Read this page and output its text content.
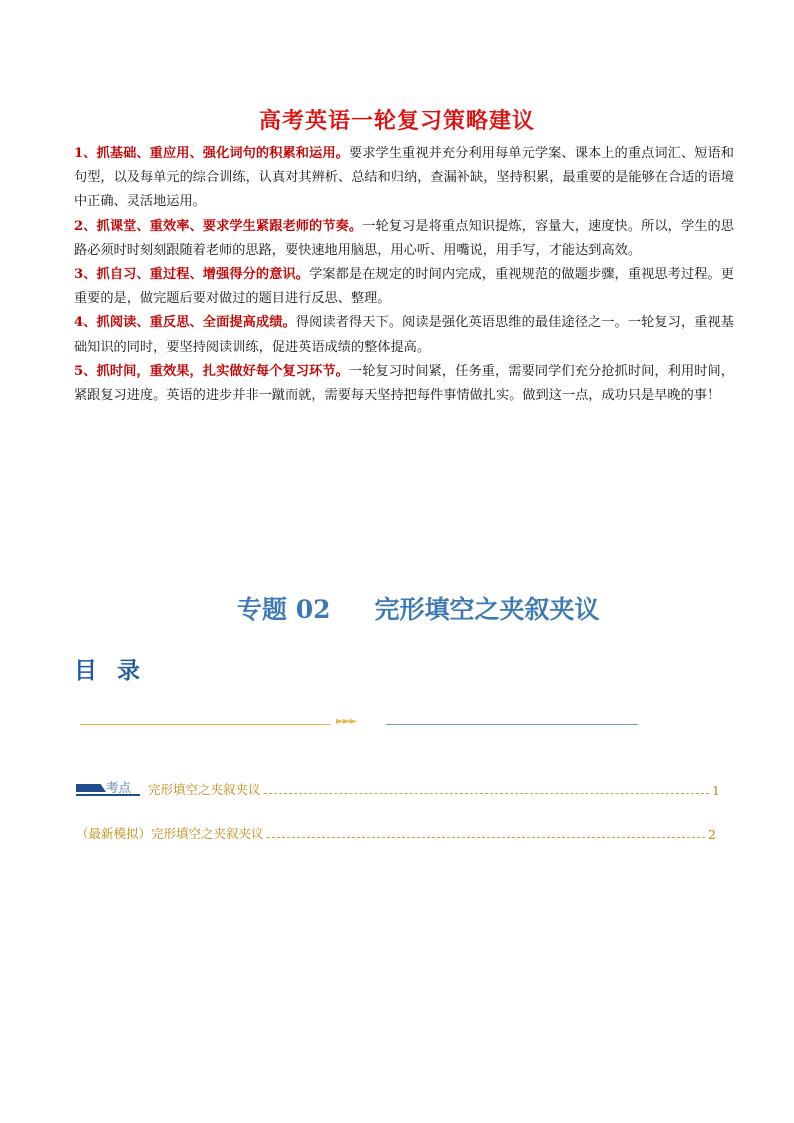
高考英语一轮复习策略建议

1、抓基础、重应用、强化词句的积累和运用。要求学生重视并充分利用每单元学案、课本上的重点词汇、短语和句型，以及每单元的综合训练，认真对其辨析、总结和归纳，查漏补缺，坚持积累，最重要的是能够在合适的语境中正确、灵活地运用。

2、抓课堂、重效率、要求学生紧跟老师的节奏。一轮复习是将重点知识提炼，容量大，速度快。所以，学生的思路必须时时刻刻跟随着老师的思路，要快速地用脑思，用心听、用嘴说，用手写，才能达到高效。

3、抓自习、重过程、增强得分的意识。学案都是在规定的时间内完成，重视规范的做题步骤，重视思考过程。更重要的是，做完题后要对做过的题目进行反思、整理。

4、抓阅读、重反思、全面提高成绩。得阅读者得天下。阅读是强化英语思维的最佳途径之一。一轮复习，重视基础知识的同时，要坚持阅读训练，促进英语成绩的整体提高。

5、抓时间，重效果，扎实做好每个复习环节。一轮复习时间紧，任务重，需要同学们充分抢抓时间，利用时间，紧跟复习进度。英语的进步并非一蹴而就，需要每天坚持把每件事情做扎实。做到这一点，成功只是早晚的事！

专题 02 完形填空之夹叙夹议
目 录
►►►
考点 完形填空之夹叙夹议	1
（最新模拟）完形填空之夹叙夹议	2
